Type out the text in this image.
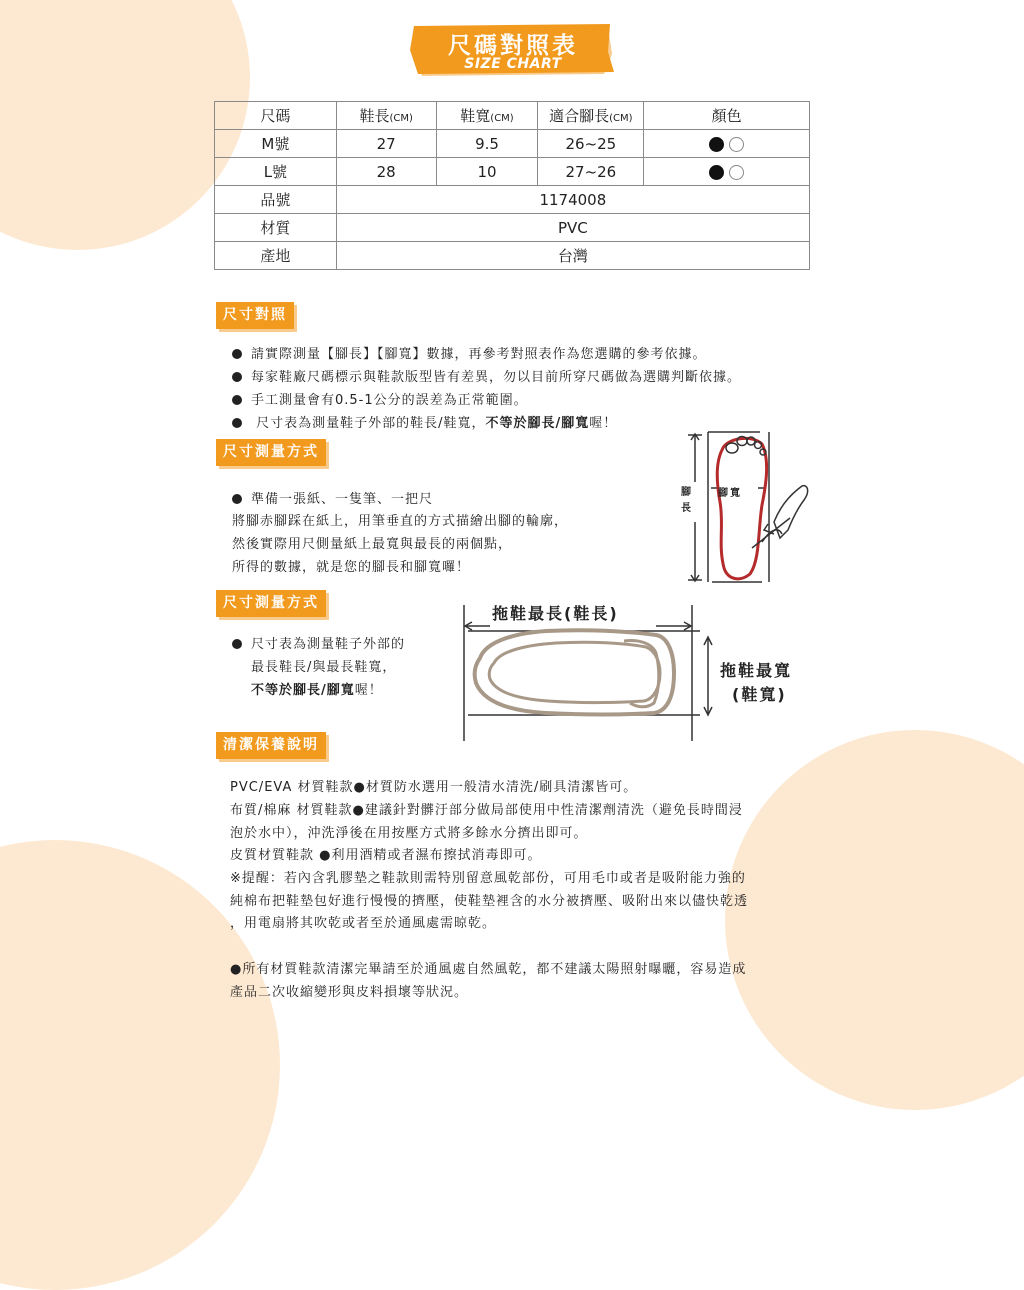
尺碼對照表
SIZE CHART
尺碼	鞋長(CM)	鞋寬(CM)	適合腳長(CM)	顏色
M號	27	9.5	26~25	
L號	28	10	27~26	
品號	1174008			
材質	PVC			
產地	台灣			
尺寸對照
請實際測量【腳長】【腳寬】數據，再參考對照表作為您選購的參考依據。
每家鞋廠尺碼標示與鞋款版型皆有差異，勿以目前所穿尺碼做為選購判斷依據。
手工測量會有0.5-1公分的誤差為正常範圍。
尺寸表為測量鞋子外部的鞋長/鞋寬，不等於腳長/腳寬喔！
尺寸測量方式
準備一張紙、一隻筆、一把尺
將腳赤腳踩在紙上，用筆垂直的方式描繪出腳的輪廓，
然後實際用尺側量紙上最寬與最長的兩個點，
所得的數據，就是您的腳長和腳寬囉！
腳長
腳寬
尺寸測量方式
尺寸表為測量鞋子外部的
最長鞋長/與最長鞋寬，
不等於腳長/腳寬喔！
拖鞋最長(鞋長)
拖鞋最寬
(鞋寬)
清潔保養說明
PVC/EVA 材質鞋款●材質防水選用一般清水清洗/刷具清潔皆可。
布質/棉麻 材質鞋款●建議針對髒汙部分做局部使用中性清潔劑清洗（避免長時間浸
泡於水中），沖洗淨後在用按壓方式將多餘水分擠出即可。
皮質材質鞋款 ●利用酒精或者濕布擦拭消毒即可。
※提醒：若內含乳膠墊之鞋款則需特別留意風乾部份，可用毛巾或者是吸附能力強的
純棉布把鞋墊包好進行慢慢的擠壓，使鞋墊裡含的水分被擠壓、吸附出來以儘快乾透
，用電扇將其吹乾或者至於通風處需晾乾。
●所有材質鞋款清潔完畢請至於通風處自然風乾，都不建議太陽照射曝曬，容易造成
產品二次收縮變形與皮料損壞等狀況。
